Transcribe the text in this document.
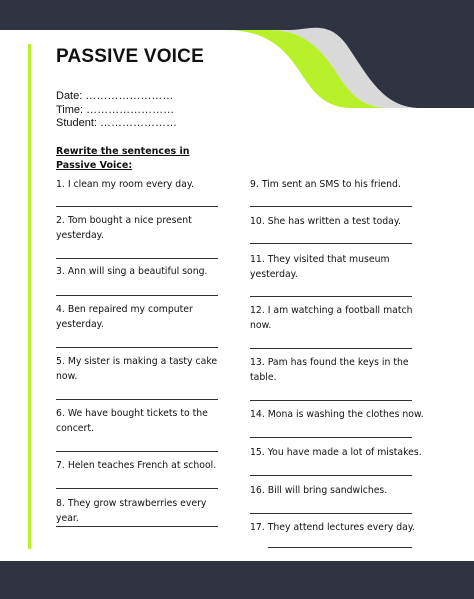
PASSIVE VOICE
Date: ……………………
Time: ……………………
Student: …………………
Rewrite the sentences in Passive Voice:
1. I clean my room every day.
2. Tom bought a nice present yesterday.
3. Ann will sing a beautiful song.
4. Ben repaired my computer yesterday.
5. My sister is making a tasty cake now.
6. We have bought tickets to the concert.
7. Helen teaches French at school.
8. They grow strawberries every year.
9. Tim sent an SMS to his friend.
10. She has written a test today.
11. They visited that museum yesterday.
12. I am watching a football match now.
13. Pam has found the keys in the table.
14. Mona is washing the clothes now.
15. You have made a lot of mistakes.
16. Bill will bring sandwiches.
17. They attend lectures every day.
